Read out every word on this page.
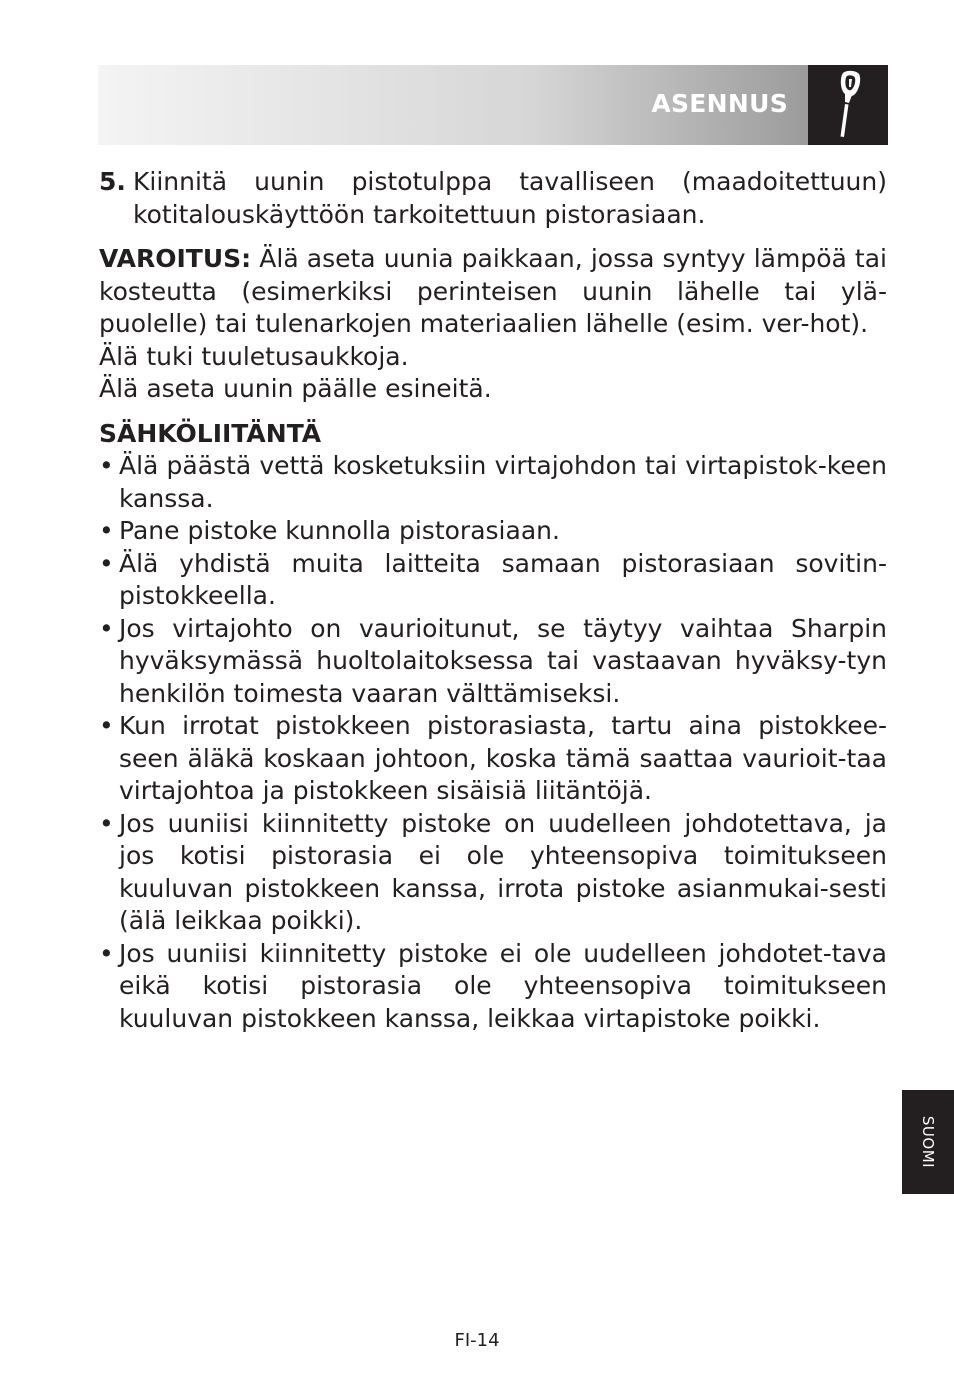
ASENNUS

5. Kiinnitä uunin pistotulppa tavalliseen (maadoitettuun) kotitalouskäyttöön tarkoitettuun pistorasiaan.

VAROITUS: Älä aseta uunia paikkaan, jossa syntyy lämpöä tai kosteutta (esimerkiksi perinteisen uunin lähelle tai ylä-puolelle) tai tulenarkojen materiaalien lähelle (esim. ver-hot).

Älä tuki tuuletusaukkoja.

Älä aseta uunin päälle esineitä.

SÄHKÖLIITÄNTÄ

• Älä päästä vettä kosketuksiin virtajohdon tai virtapistok-keen kanssa.
• Pane pistoke kunnolla pistorasiaan.
• Älä yhdistä muita laitteita samaan pistorasiaan sovitin-pistokkeella.
• Jos virtajohto on vaurioitunut, se täytyy vaihtaa Sharpin hyväksymässä huoltolaitoksessa tai vastaavan hyväksy-tyn henkilön toimesta vaaran välttämiseksi.
• Kun irrotat pistokkeen pistorasiasta, tartu aina pistokkee-seen äläkä koskaan johtoon, koska tämä saattaa vaurioit-taa virtajohtoa ja pistokkeen sisäisiä liitäntöjä.
• Jos uuniisi kiinnitetty pistoke on uudelleen johdotettava, ja jos kotisi pistorasia ei ole yhteensopiva toimitukseen kuuluvan pistokkeen kanssa, irrota pistoke asianmukai-sesti (älä leikkaa poikki).
• Jos uuniisi kiinnitetty pistoke ei ole uudelleen johdotet-tava eikä kotisi pistorasia ole yhteensopiva toimitukseen kuuluvan pistokkeen kanssa, leikkaa virtapistoke poikki.
SUOMI
FI-14
